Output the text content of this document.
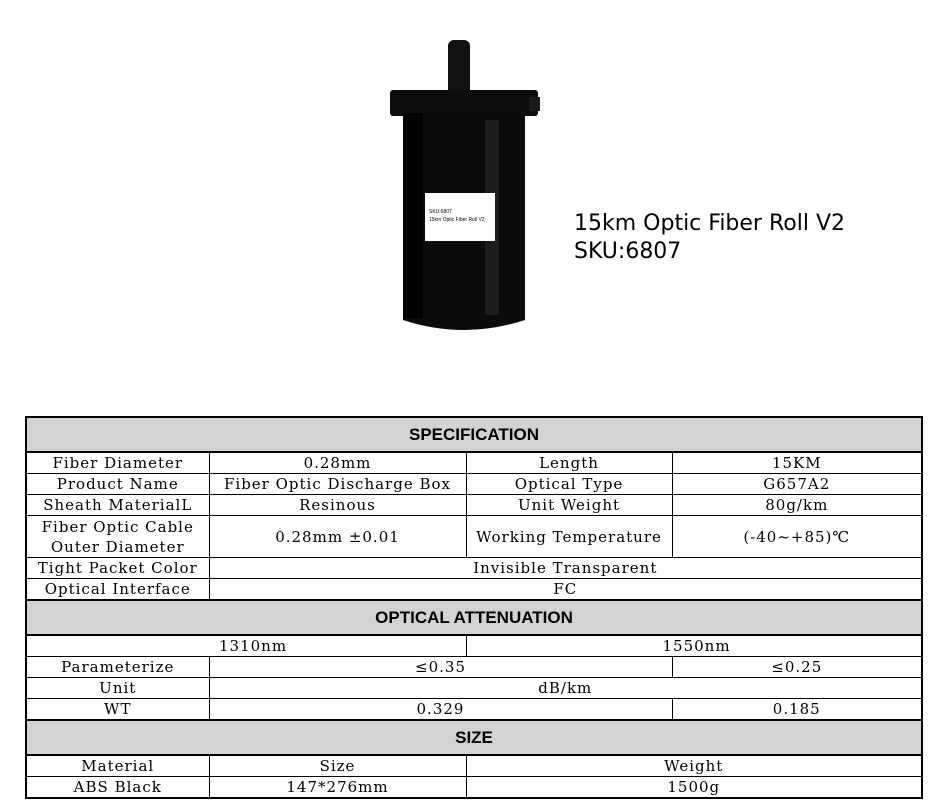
SKU:6807
15km Optic Fiber Roll V2	15km Optic Fiber Roll V2
SKU:6807
SPECIFICATION			
Fiber Diameter	0.28mm	Length	15KM
Product Name	Fiber Optic Discharge Box	Optical Type	G657A2
Sheath MaterialL	Resinous	Unit Weight	80g/km
Fiber Optic Cable Outer Diameter	0.28mm ±0.01	Working Temperature	(-40~+85)℃
Tight Packet Color	Invisible Transparent		
Optical Interface	FC		
OPTICAL ATTENUATION			
1310nm		1550nm	
Parameterize	≤0.35		≤0.25
Unit	dB/km		
WT	0.329		0.185
SIZE			
Material	Size	Weight	
ABS Black	147*276mm	1500g	
